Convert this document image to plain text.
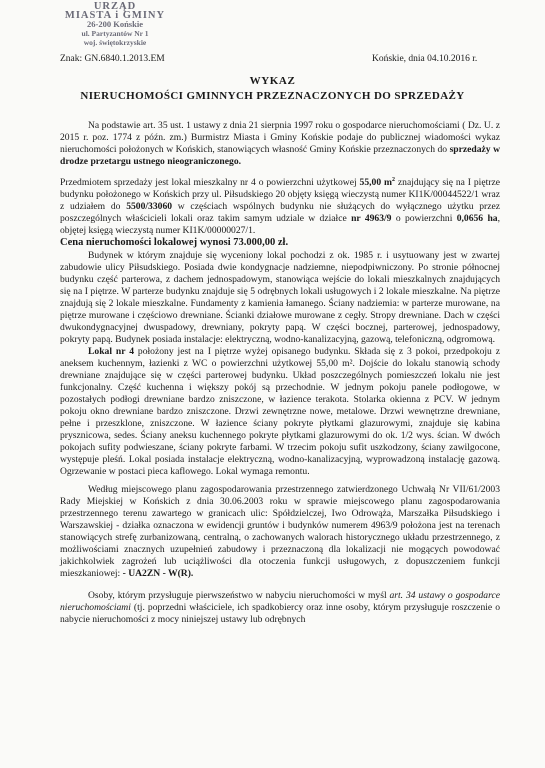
URZĄD
MIASTA i GMINY
26-200 Końskie
ul. Partyzantów Nr 1
woj. świętokrzyskie
Znak: GN.6840.1.2013.EM	Końskie, dnia 04.10.2016 r.
WYKAZ
NIERUCHOMOŚCI GMINNYCH PRZEZNACZONYCH DO SPRZEDAŻY

Na podstawie art. 35 ust. 1 ustawy z dnia 21 sierpnia 1997 roku o gospodarce nieruchomościami ( Dz. U. z 2015 r. poz. 1774 z późn. zm.) Burmistrz Miasta i Gminy Końskie podaje do publicznej wiadomości wykaz nieruchomości położonych w Końskich, stanowiących własność Gminy Końskie przeznaczonych do sprzedaży w drodze przetargu ustnego nieograniczonego.

Przedmiotem sprzedaży jest lokal mieszkalny nr 4 o powierzchni użytkowej 55,00 $m^2$ znajdujący się na I piętrze budynku położonego w Końskich przy ul. Piłsudskiego 20 objęty księgą wieczystą numer KI1K/00044522/1 wraz z udziałem do 5500/33060 w częściach wspólnych budynku nie służących do wyłącznego użytku przez poszczególnych właścicieli lokali oraz takim samym udziale w działce nr 4963/9 o powierzchni 0,0656 ha, objętej księgą wieczystą numer KI1K/00000027/1.

Cena nieruchomości lokalowej wynosi 73.000,00 zł.

Budynek w którym znajduje się wyceniony lokal pochodzi z ok. 1985 r. i usytuowany jest w zwartej zabudowie ulicy Piłsudskiego. Posiada dwie kondygnacje nadziemne, niepodpiwniczony. Po stronie północnej budynku część parterowa, z dachem jednospadowym, stanowiąca wejście do lokali mieszkalnych znajdujących się na I piętrze. W parterze budynku znajduje się 5 odrębnych lokali usługowych i 2 lokale mieszkalne. Na piętrze znajdują się 2 lokale mieszkalne. Fundamenty z kamienia łamanego. Ściany nadziemia: w parterze murowane, na piętrze murowane i częściowo drewniane. Ścianki działowe murowane z cegły. Stropy drewniane. Dach w części dwukondygnacyjnej dwuspadowy, drewniany, pokryty papą. W części bocznej, parterowej, jednospadowy, pokryty papą. Budynek posiada instalacje: elektryczną, wodno-kanalizacyjną, gazową, telefoniczną, odgromową.

Lokal nr 4 położony jest na I piętrze wyżej opisanego budynku. Składa się z 3 pokoi, przedpokoju z aneksem kuchennym, łazienki z WC o powierzchni użytkowej 55,00 m². Dojście do lokalu stanowią schody drewniane znajdujące się w części parterowej budynku. Układ poszczególnych pomieszczeń lokalu nie jest funkcjonalny. Część kuchenna i większy pokój są przechodnie. W jednym pokoju panele podłogowe, w pozostałych podłogi drewniane bardzo zniszczone, w łazience terakota. Stolarka okienna z PCV. W jednym pokoju okno drewniane bardzo zniszczone. Drzwi zewnętrzne nowe, metalowe. Drzwi wewnętrzne drewniane, pełne i przeszklone, zniszczone. W łazience ściany pokryte płytkami glazurowymi, znajduje się kabina prysznicowa, sedes. Ściany aneksu kuchennego pokryte płytkami glazurowymi do ok. 1/2 wys. ścian. W dwóch pokojach sufity podwieszane, ściany pokryte farbami. W trzecim pokoju sufit uszkodzony, ściany zawilgocone, występuje pleśń. Lokal posiada instalacje elektryczną, wodno-kanalizacyjną, wyprowadzoną instalację gazową. Ogrzewanie w postaci pieca kaflowego. Lokal wymaga remontu.

Według miejscowego planu zagospodarowania przestrzennego zatwierdzonego Uchwałą Nr VII/61/2003 Rady Miejskiej w Końskich z dnia 30.06.2003 roku w sprawie miejscowego planu zagospodarowania przestrzennego terenu zawartego w granicach ulic: Spółdzielczej, Iwo Odrowąża, Marszałka Piłsudskiego i Warszawskiej - działka oznaczona w ewidencji gruntów i budynków numerem 4963/9 położona jest na terenach stanowiących strefę zurbanizowaną, centralną, o zachowanych walorach historycznego układu przestrzennego, z możliwościami znacznych uzupełnień zabudowy i przeznaczoną dla lokalizacji nie mogących powodować jakichkolwiek zagrożeń lub uciążliwości dla otoczenia funkcji usługowych, z dopuszczeniem funkcji mieszkaniowej: - UA2ZN - W(R).

Osoby, którym przysługuje pierwszeństwo w nabyciu nieruchomości w myśl art. 34 ustawy o gospodarce nieruchomościami (tj. poprzedni właściciele, ich spadkobiercy oraz inne osoby, którym przysługuje roszczenie o nabycie nieruchomości z mocy niniejszej ustawy lub odrębnych
